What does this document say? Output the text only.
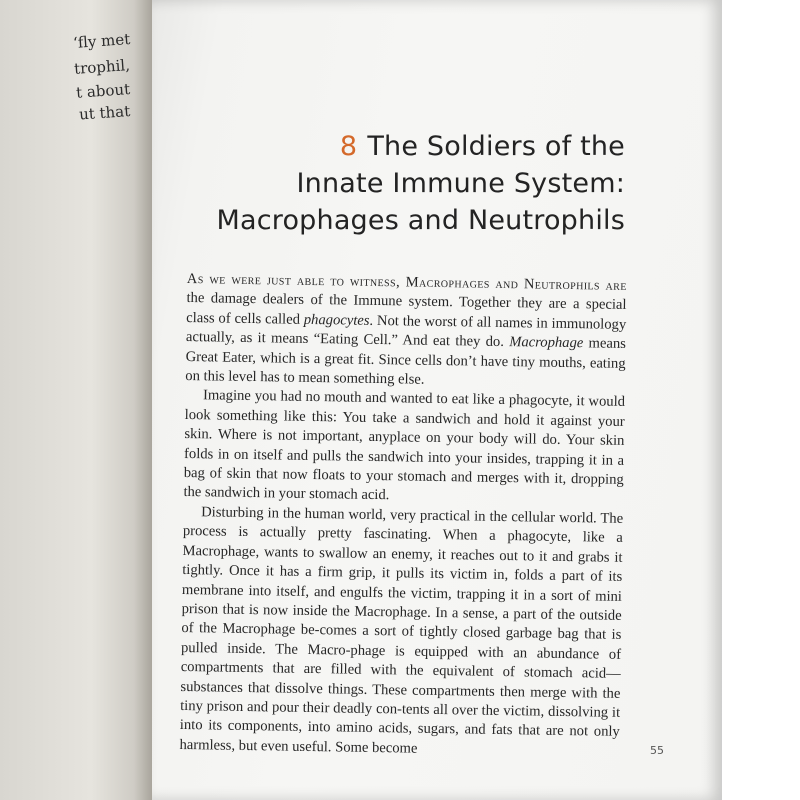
‘fly met
trophil,
t about
ut that
8 The Soldiers of the
Innate Immune System:
Macrophages and Neutrophils

As we were just able to witness, Macrophages and Neutrophils are the damage dealers of the Immune system. Together they are a special class of cells called phagocytes. Not the worst of all names in immunology actually, as it means “Eating Cell.” And eat they do. Macrophage means Great Eater, which is a great fit. Since cells don’t have tiny mouths, eating on this level has to mean something else.

Imagine you had no mouth and wanted to eat like a phagocyte, it would look something like this: You take a sandwich and hold it against your skin. Where is not important, anyplace on your body will do. Your skin folds in on itself and pulls the sandwich into your insides, trapping it in a bag of skin that now floats to your stomach and merges with it, dropping the sandwich in your stomach acid.

Disturbing in the human world, very practical in the cellular world. The process is actually pretty fascinating. When a phagocyte, like a Macrophage, wants to swallow an enemy, it reaches out to it and grabs it tightly. Once it has a firm grip, it pulls its victim in, folds a part of its membrane into itself, and engulfs the victim, trapping it in a sort of mini prison that is now inside the Macrophage. In a sense, a part of the outside of the Macrophage be-comes a sort of tightly closed garbage bag that is pulled inside. The Macro-phage is equipped with an abundance of compartments that are filled with the equivalent of stomach acid—substances that dissolve things. These compartments then merge with the tiny prison and pour their deadly con-tents all over the victim, dissolving it into its components, into amino acids, sugars, and fats that are not only harmless, but even useful. Some become	55
